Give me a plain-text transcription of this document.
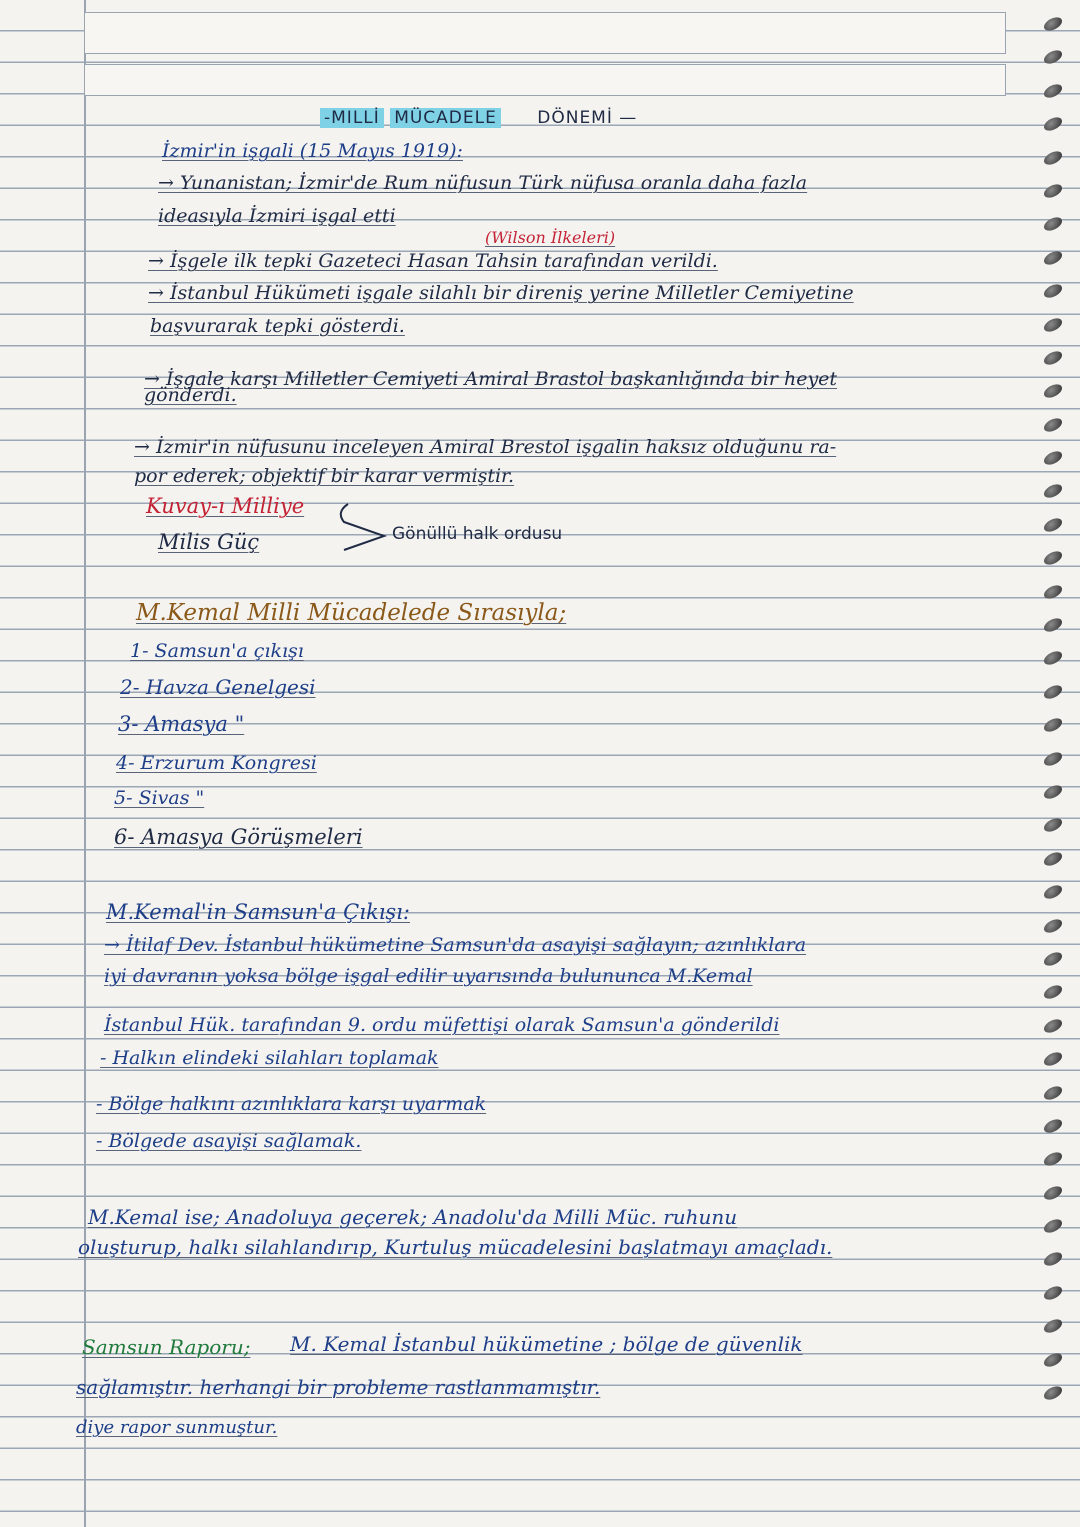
-MILLİ MÜCADELE DÖNEMİ —
İzmir'in işgali (15 Mayıs 1919):
→ Yunanistan; İzmir'de Rum nüfusun Türk nüfusa oranla daha fazla
ideasıyla İzmiri işgal etti
(Wilson İlkeleri)
→ İşgele ilk tepki Gazeteci Hasan Tahsin tarafından verildi.
→ İstanbul Hükümeti işgale silahlı bir direniş yerine Milletler Cemiyetine
başvurarak tepki gösterdi.
→ İşgale karşı Milletler Cemiyeti Amiral Brastol başkanlığında bir heyet
gönderdi.
→ İzmir'in nüfusunu inceleyen Amiral Brestol işgalin haksız olduğunu ra-
por ederek; objektif bir karar vermiştir.
Kuvay-ı Milliye
Milis Güç	Gönüllü halk ordusu
M.Kemal Milli Mücadelede Sırasıyla;
1- Samsun'a çıkışı
2- Havza Genelgesi
3- Amasya "
4- Erzurum Kongresi
5- Sivas "
6- Amasya Görüşmeleri
M.Kemal'in Samsun'a Çıkışı:
→ İtilaf Dev. İstanbul hükümetine Samsun'da asayişi sağlayın; azınlıklara
iyi davranın yoksa bölge işgal edilir uyarısında bulununca M.Kemal
İstanbul Hük. tarafından 9. ordu müfettişi olarak Samsun'a gönderildi
- Halkın elindeki silahları toplamak
- Bölge halkını azınlıklara karşı uyarmak
- Bölgede asayişi sağlamak.
M.Kemal ise; Anadoluya geçerek; Anadolu'da Milli Müc. ruhunu
oluşturup, halkı silahlandırıp, Kurtuluş mücadelesini başlatmayı amaçladı.
Samsun Raporu; M. Kemal İstanbul hükümetine ; bölge de güvenlik
sağlamıştır. herhangi bir probleme rastlanmamıştır.
diye rapor sunmuştur.
